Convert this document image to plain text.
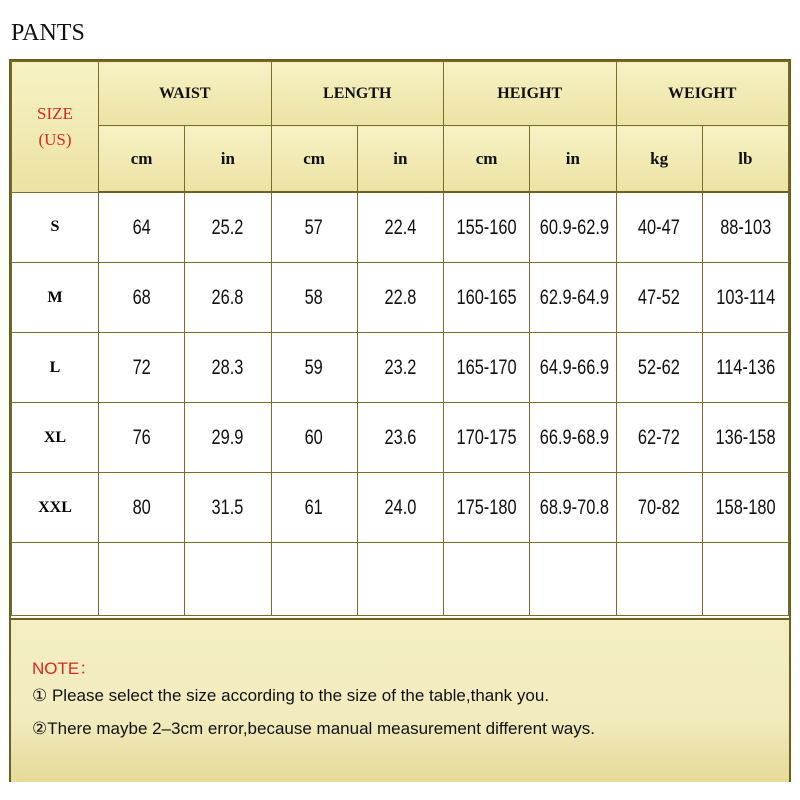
PANTS
SIZE
(US)	WAIST		LENGTH		HEIGHT		WEIGHT	
	cm	in	cm	in	cm	in	kg	lb
S	64	25.2	57	22.4	155-160	60.9-62.9	40-47	88-103
M	68	26.8	58	22.8	160-165	62.9-64.9	47-52	103-114
L	72	28.3	59	23.2	165-170	64.9-66.9	52-62	114-136
XL	76	29.9	60	23.6	170-175	66.9-68.9	62-72	136-158
XXL	80	31.5	61	24.0	175-180	68.9-70.8	70-82	158-180

NOTE：
① Please select the size according to the size of the table,thank you.
②There maybe 2–3cm error,because manual measurement different ways.
